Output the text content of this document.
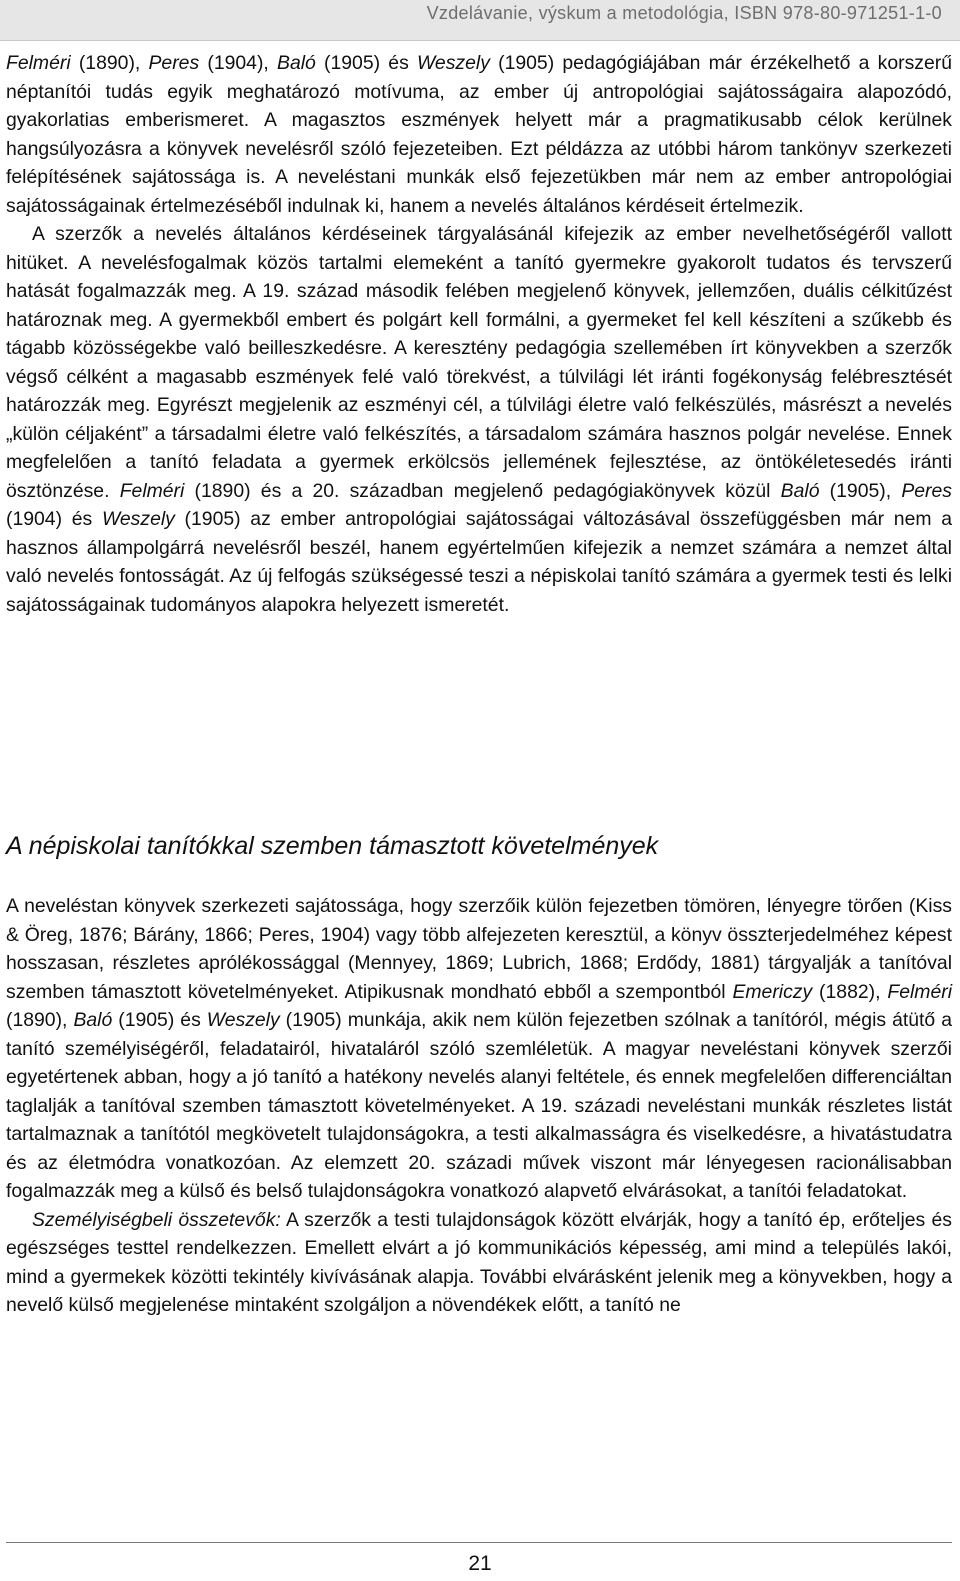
Vzdelávanie, výskum a metodológia, ISBN 978-80-971251-1-0

Felméri (1890), Peres (1904), Baló (1905) és Weszely (1905) pedagógiájában már érzékelhető a korszerű néptanítói tudás egyik meghatározó motívuma, az ember új antropológiai sajátosságaira alapozódó, gyakorlatias emberismeret. A magasztos eszmények helyett már a pragmatikusabb célok kerülnek hangsúlyozásra a könyvek nevelésről szóló fejezeteiben. Ezt példázza az utóbbi három tankönyv szerkezeti felépítésének sajátossága is. A neveléstani munkák első fejezetükben már nem az ember antropológiai sajátosságainak értelmezéséből indulnak ki, hanem a nevelés általános kérdéseit értelmezik.

A szerzők a nevelés általános kérdéseinek tárgyalásánál kifejezik az ember nevelhetőségéről vallott hitüket. A nevelésfogalmak közös tartalmi elemeként a tanító gyermekre gyakorolt tudatos és tervszerű hatását fogalmazzák meg. A 19. század második felében megjelenő könyvek, jellemzően, duális célkitűzést határoznak meg. A gyermekből embert és polgárt kell formálni, a gyermeket fel kell készíteni a szűkebb és tágabb közösségekbe való beilleszkedésre. A keresztény pedagógia szellemében írt könyvekben a szerzők végső célként a magasabb eszmények felé való törekvést, a túlvilági lét iránti fogékonyság felébresztését határozzák meg. Egyrészt megjelenik az eszményi cél, a túlvilági életre való felkészülés, másrészt a nevelés „külön céljaként” a társadalmi életre való felkészítés, a társadalom számára hasznos polgár nevelése. Ennek megfelelően a tanító feladata a gyermek erkölcsös jellemének fejlesztése, az öntökéletesedés iránti ösztönzése. Felméri (1890) és a 20. században megjelenő pedagógiakönyvek közül Baló (1905), Peres (1904) és Weszely (1905) az ember antropológiai sajátosságai változásával összefüggésben már nem a hasznos állampolgárrá nevelésről beszél, hanem egyértelműen kifejezik a nemzet számára a nemzet által való nevelés fontosságát. Az új felfogás szükségessé teszi a népiskolai tanító számára a gyermek testi és lelki sajátosságainak tudományos alapokra helyezett ismeretét.

A népiskolai tanítókkal szemben támasztott követelmények

A neveléstan könyvek szerkezeti sajátossága, hogy szerzőik külön fejezetben tömören, lényegre törően (Kiss & Öreg, 1876; Bárány, 1866; Peres, 1904) vagy több alfejezeten keresztül, a könyv összterjedelméhez képest hosszasan, részletes aprólékossággal (Mennyey, 1869; Lubrich, 1868; Erdődy, 1881) tárgyalják a tanítóval szemben támasztott követelményeket. Atipikusnak mondható ebből a szempontból Emericzy (1882), Felméri (1890), Baló (1905) és Weszely (1905) munkája, akik nem külön fejezetben szólnak a tanítóról, mégis átütő a tanító személyiségéről, feladatairól, hivataláról szóló szemléletük. A magyar neveléstani könyvek szerzői egyetértenek abban, hogy a jó tanító a hatékony nevelés alanyi feltétele, és ennek megfelelően differenciáltan taglalják a tanítóval szemben támasztott követelményeket. A 19. századi neveléstani munkák részletes listát tartalmaznak a tanítótól megkövetelt tulajdonságokra, a testi alkalmasságra és viselkedésre, a hivatástudatra és az életmódra vonatkozóan. Az elemzett 20. századi művek viszont már lényegesen racionálisabban fogalmazzák meg a külső és belső tulajdonságokra vonatkozó alapvető elvárásokat, a tanítói feladatokat.

Személyiségbeli összetevők: A szerzők a testi tulajdonságok között elvárják, hogy a tanító ép, erőteljes és egészséges testtel rendelkezzen. Emellett elvárt a jó kommunikációs képesség, ami mind a település lakói, mind a gyermekek közötti tekintély kivívásának alapja. További elvárásként jelenik meg a könyvekben, hogy a nevelő külső megjelenése mintaként szolgáljon a növendékek előtt, a tanító ne

21
